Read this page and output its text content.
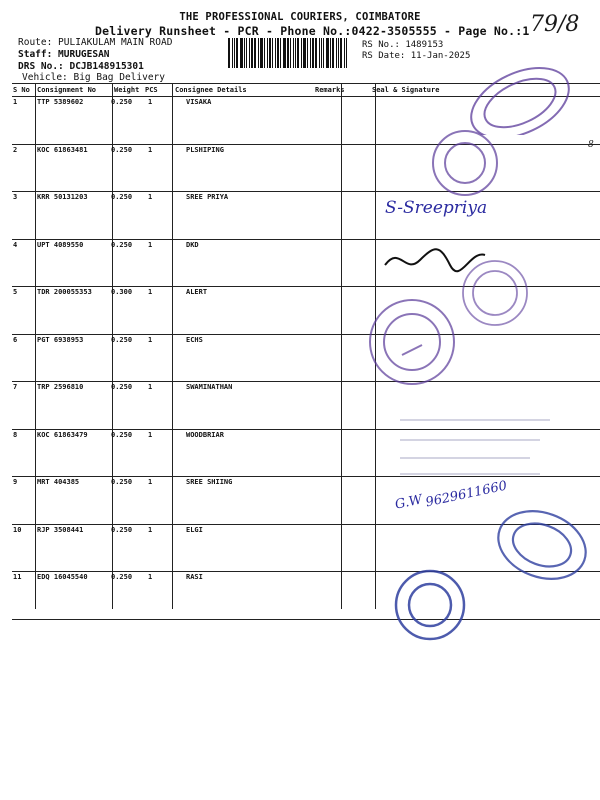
THE PROFESSIONAL COURIERS, COIMBATORE
Delivery Runsheet - PCR - Phone No.:0422-3505555 - Page No.:1
Route: PULIAKULAM MAIN ROAD
Staff: MURUGESAN
DRS No.: DCJB148915301
Vehicle: Big Bag Delivery
RS No.: 1489153
RS Date: 11-Jan-2025
S No Consignment No	Weight PCS Consignee Details	Remarks	Seal & Signature
1	TTP 5389602	0.250 1	VISAKA
2	KOC 61863481	0.250 1	PLSHIPING
3	KRR 50131203	0.250 1	SREE PRIYA
4	UPT 4089550	0.250 1	DKD
5	TDR 200055353	0.300 1	ALERT
6	PGT 6938953	0.250 1	ECHS
7	TRP 2596810	0.250 1	SWAMINATHAN
8	KOC 61863479	0.250 1	WOODBRIAR
9	MRT 404385	0.250 1	SREE SHIING
10 RJP 3508441	0.250 1	ELGI
11 EDQ 16045540	0.250 1	RASI
79/8
8
S-Sreepriya
G.W 9629611660
